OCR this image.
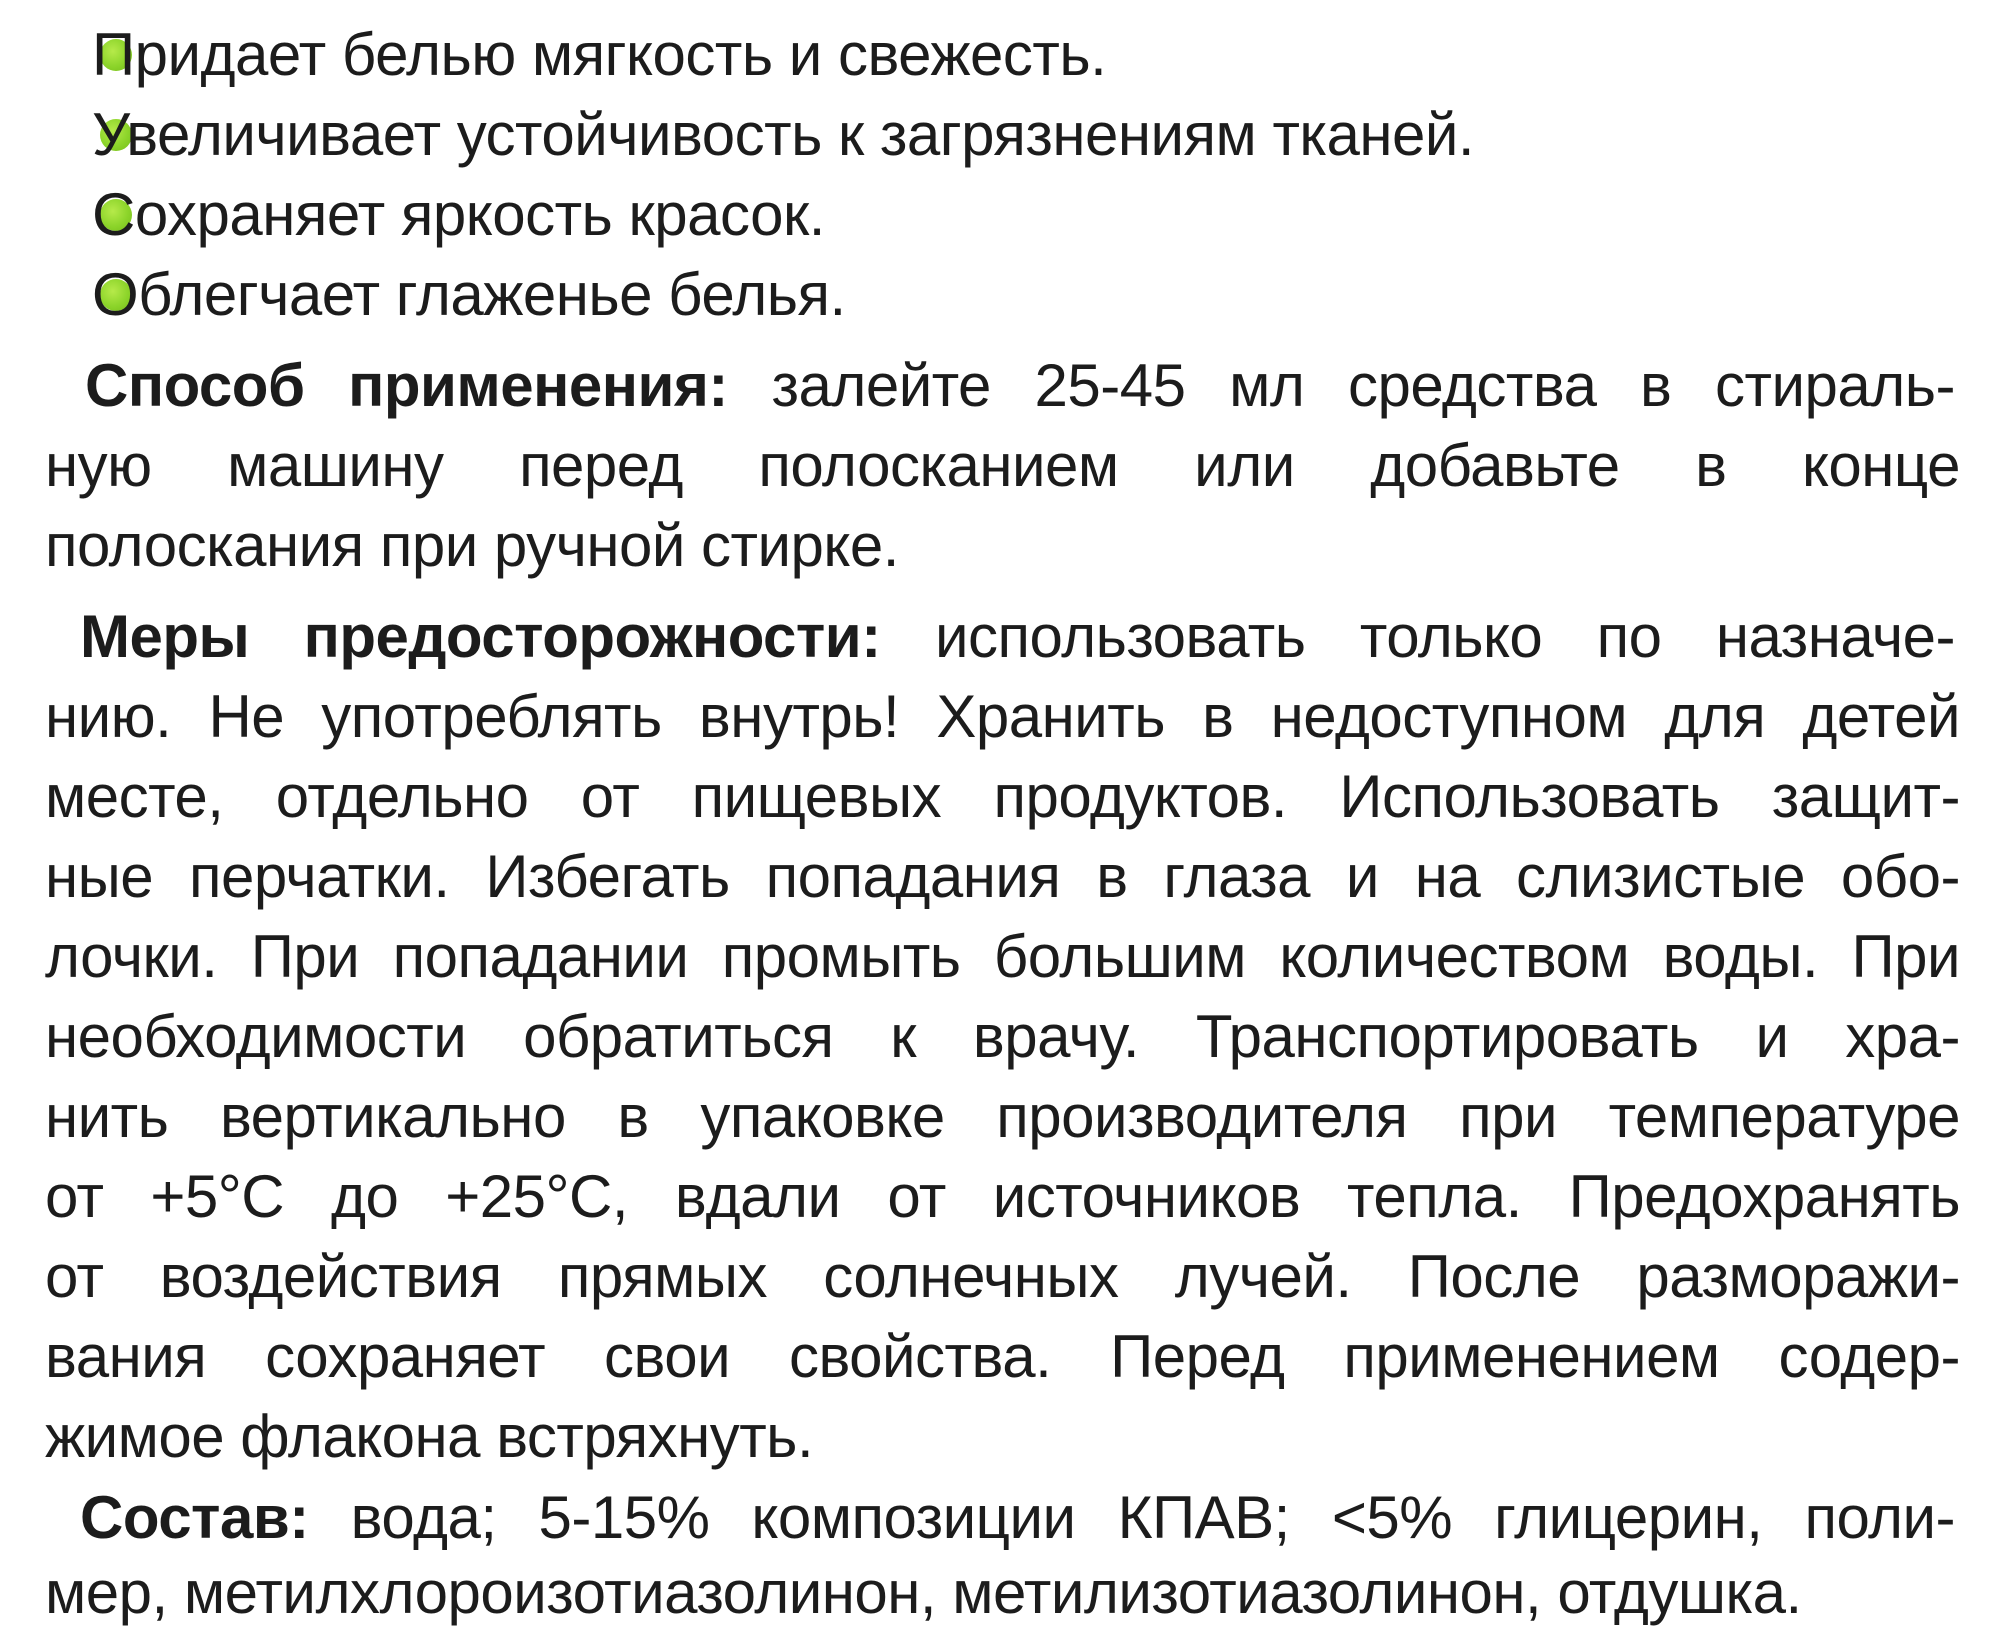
Придает белью мягкость и свежесть.
Увеличивает устойчивость к загрязнениям тканей.
Сохраняет яркость красок.
Облегчает глаженье белья.
Способ применения: залейте 25-45 мл средства в стираль-
ную машину перед полосканием или добавьте в конце
полоскания при ручной стирке.
Меры предосторожности: использовать только по назначе-
нию. Не употреблять внутрь! Хранить в недоступном для детей
месте, отдельно от пищевых продуктов. Использовать защит-
ные перчатки. Избегать попадания в глаза и на слизистые обо-
лочки. При попадании промыть большим количеством воды. При
необходимости обратиться к врачу. Транспортировать и хра-
нить вертикально в упаковке производителя при температуре
от +5°С до +25°С, вдали от источников тепла. Предохранять
от воздействия прямых солнечных лучей. После разморажи-
вания сохраняет свои свойства. Перед применением содер-
жимое флакона встряхнуть.
Состав: вода; 5-15% композиции КПАВ; <5% глицерин, поли-
мер, метилхлороизотиазолинон, метилизотиазолинон, отдушка.
